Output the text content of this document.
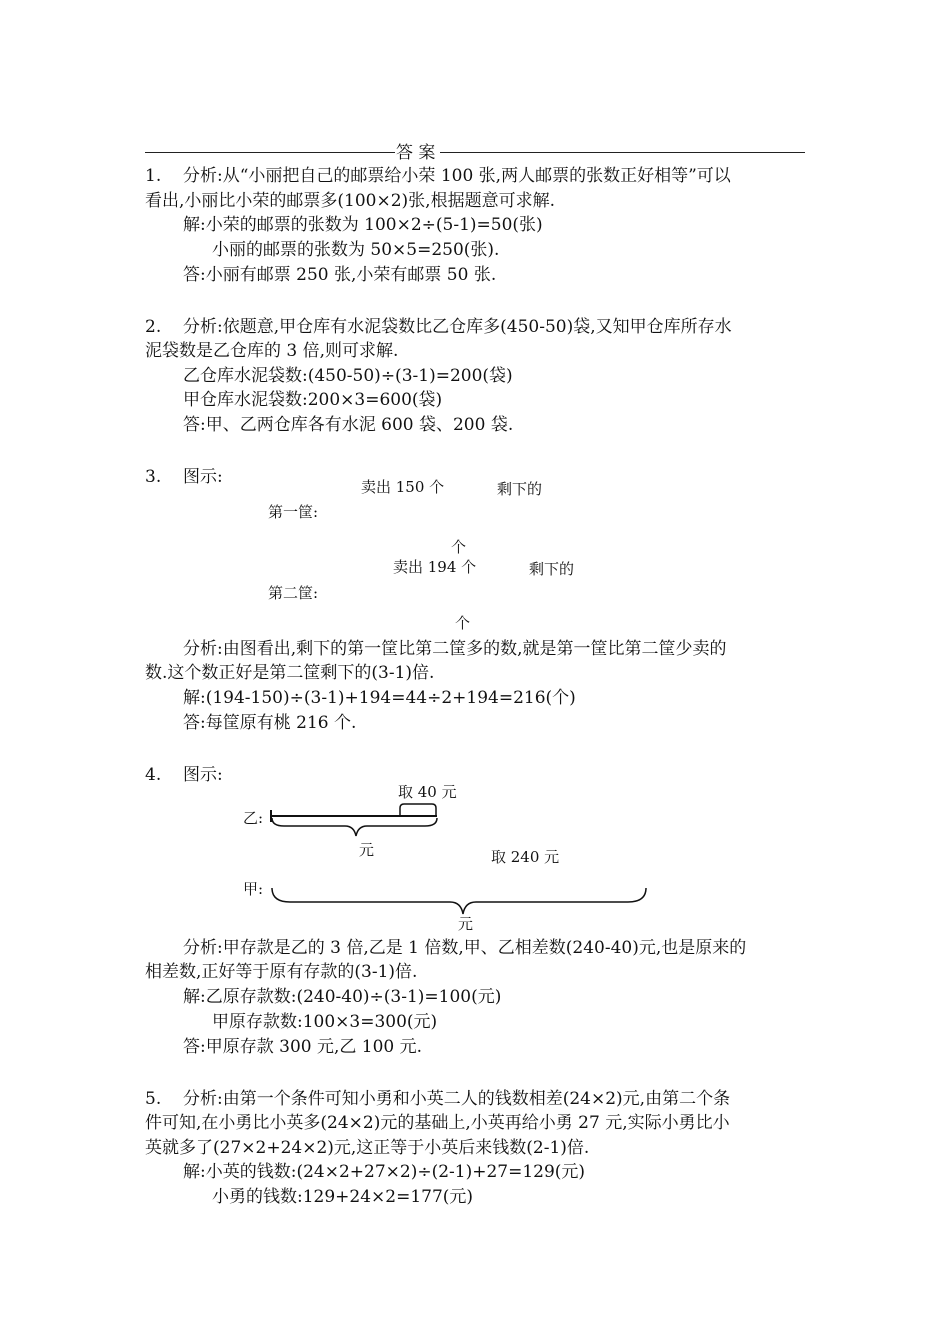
答 案
1. 分析:从“小丽把自己的邮票给小荣 100 张,两人邮票的张数正好相等”可以
看出,小丽比小荣的邮票多(100×2)张,根据题意可求解.
解:小荣的邮票的张数为 100×2÷(5-1)=50(张)
小丽的邮票的张数为 50×5=250(张).
答:小丽有邮票 250 张,小荣有邮票 50 张.
2. 分析:依题意,甲仓库有水泥袋数比乙仓库多(450-50)袋,又知甲仓库所存水
泥袋数是乙仓库的 3 倍,则可求解.
乙仓库水泥袋数:(450-50)÷(3-1)=200(袋)
甲仓库水泥袋数:200×3=600(袋)
答:甲、乙两仓库各有水泥 600 袋、200 袋.
3. 图示:	卖出 150 个	剩下的
第一筐:
个
卖出 194 个	剩下的
第二筐:
个
分析:由图看出,剩下的第一筐比第二筐多的数,就是第一筐比第二筐少卖的
数.这个数正好是第二筐剩下的(3-1)倍.
解:(194-150)÷(3-1)+194=44÷2+194=216(个)
答:每筐原有桃 216 个.
4. 图示:
取 40 元
乙:
元	取 240 元
甲:
元
分析:甲存款是乙的 3 倍,乙是 1 倍数,甲、乙相差数(240-40)元,也是原来的
相差数,正好等于原有存款的(3-1)倍.
解:乙原存款数:(240-40)÷(3-1)=100(元)
甲原存款数:100×3=300(元)
答:甲原存款 300 元,乙 100 元.
5. 分析:由第一个条件可知小勇和小英二人的钱数相差(24×2)元,由第二个条
件可知,在小勇比小英多(24×2)元的基础上,小英再给小勇 27 元,实际小勇比小
英就多了(27×2+24×2)元,这正等于小英后来钱数(2-1)倍.
解:小英的钱数:(24×2+27×2)÷(2-1)+27=129(元)
小勇的钱数:129+24×2=177(元)
